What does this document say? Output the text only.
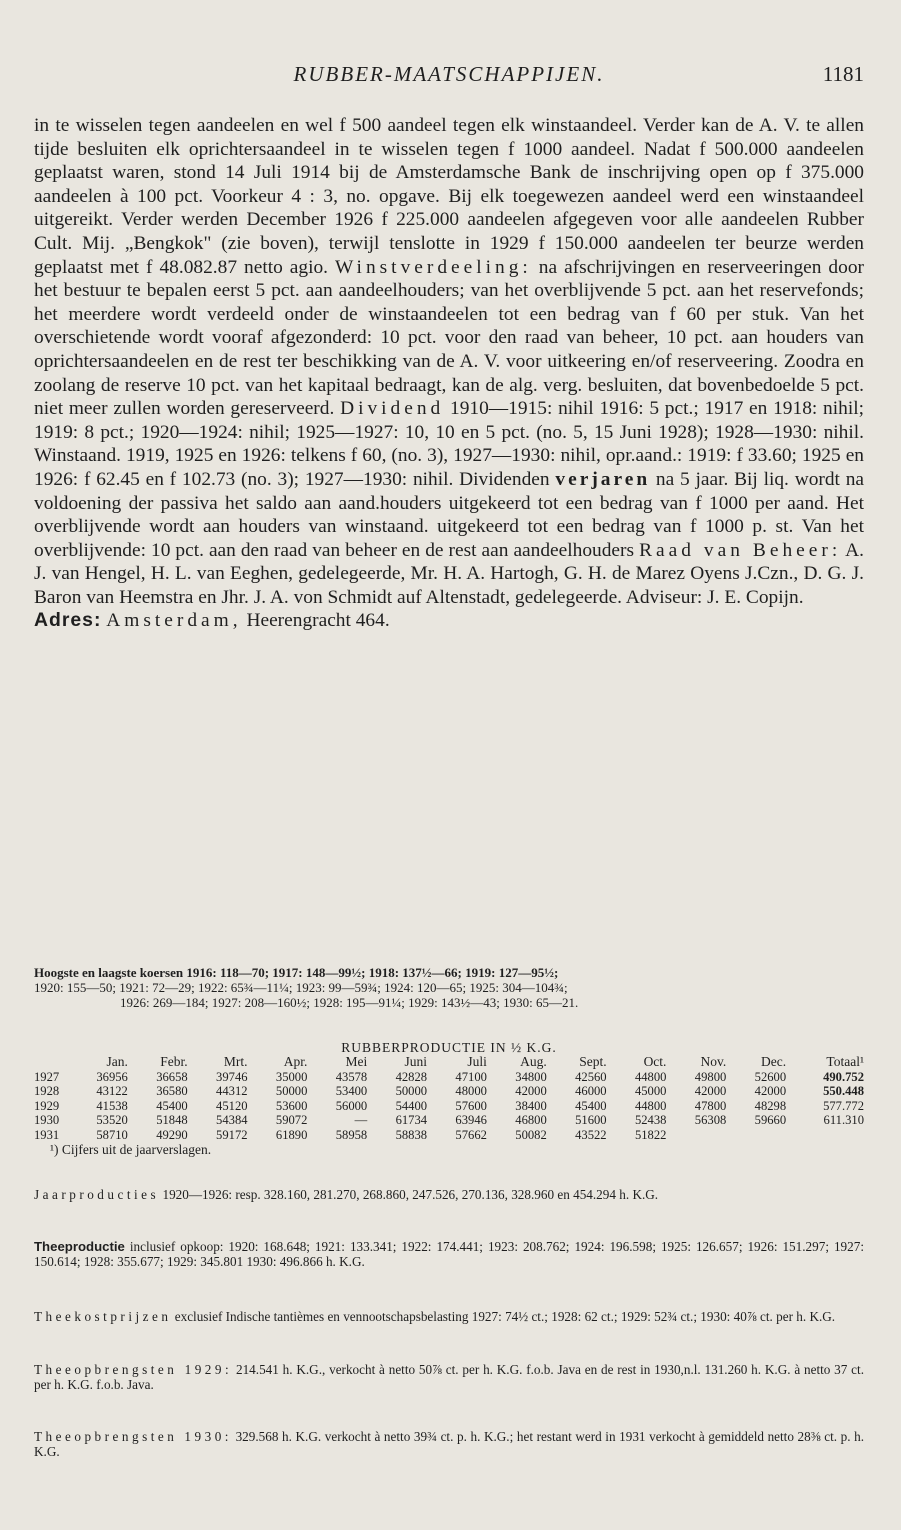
RUBBER-MAATSCHAPPIJEN.	1181

in te wisselen tegen aandeelen en wel f 500 aandeel tegen elk winstaandeel. Verder kan de A. V. te allen tijde besluiten elk oprichtersaandeel in te wisselen tegen f 1000 aandeel. Nadat f 500.000 aandeelen geplaatst waren, stond 14 Juli 1914 bij de Amsterdamsche Bank de inschrijving open op f 375.000 aandeelen à 100 pct. Voorkeur 4 : 3, no. opgave. Bij elk toegewezen aandeel werd een winstaandeel uitgereikt. Verder werden December 1926 f 225.000 aandeelen afgegeven voor alle aandeelen Rubber Cult. Mij. „Bengkok" (zie boven), terwijl tenslotte in 1929 f 150.000 aandeelen ter beurze werden geplaatst met f 48.082.87 netto agio. Winstverdeeling: na afschrijvingen en reserveeringen door het bestuur te bepalen eerst 5 pct. aan aandeelhouders; van het overblijvende 5 pct. aan het reservefonds; het meerdere wordt verdeeld onder de winstaandeelen tot een bedrag van f 60 per stuk. Van het overschietende wordt vooraf afgezonderd: 10 pct. voor den raad van beheer, 10 pct. aan houders van oprichtersaandeelen en de rest ter beschikking van de A. V. voor uitkeering en/of reserveering. Zoodra en zoolang de reserve 10 pct. van het kapitaal bedraagt, kan de alg. verg. besluiten, dat bovenbedoelde 5 pct. niet meer zullen worden gereserveerd. Dividend 1910—1915: nihil 1916: 5 pct.; 1917 en 1918: nihil; 1919: 8 pct.; 1920—1924: nihil; 1925—1927: 10, 10 en 5 pct. (no. 5, 15 Juni 1928); 1928—1930: nihil. Winstaand. 1919, 1925 en 1926: telkens f 60, (no. 3), 1927—1930: nihil, opr.aand.: 1919: f 33.60; 1925 en 1926: f 62.45 en f 102.73 (no. 3); 1927—1930: nihil. Dividenden verjaren na 5 jaar. Bij liq. wordt na voldoening der passiva het saldo aan aand.houders uitgekeerd tot een bedrag van f 1000 per aand. Het overblijvende wordt aan houders van winstaand. uitgekeerd tot een bedrag van f 1000 p. st. Van het overblijvende: 10 pct. aan den raad van beheer en de rest aan aandeelhouders Raad van Beheer: A. J. van Hengel, H. L. van Eeghen, gedelegeerde, Mr. H. A. Hartogh, G. H. de Marez Oyens J.Czn., D. G. J. Baron van Heemstra en Jhr. J. A. von Schmidt auf Altenstadt, gedelegeerde. Adviseur: J. E. Copijn.
Adres: Amsterdam, Heerengracht 464.

Hoogste en laagste koersen 1916: 118—70; 1917: 148—99½; 1918: 137½—66; 1919: 127—95½;
1920: 155—50; 1921: 72—29; 1922: 65¾—11¼; 1923: 99—59¾; 1924: 120—65; 1925: 304—104¾;
1926: 269—184; 1927: 208—160½; 1928: 195—91¼; 1929: 143½—43; 1930: 65—21.
RUBBERPRODUCTIE IN ½ K.G.
	Jan.	Febr.	Mrt.	Apr.	Mei	Juni	Juli	Aug.	Sept.	Oct.	Nov.	Dec.	Totaal¹
1927	36956	36658	39746	35000	43578	42828	47100	34800	42560	44800	49800	52600	490.752
1928	43122	36580	44312	50000	53400	50000	48000	42000	46000	45000	42000	42000	550.448
1929	41538	45400	45120	53600	56000	54400	57600	38400	45400	44800	47800	48298	577.772
1930	53520	51848	54384	59072	—	61734	63946	46800	51600	52438	56308	59660	611.310
1931	58710	49290	59172	61890	58958	58838	57662	50082	43522	51822			
¹) Cijfers uit de jaarverslagen.

Jaarproducties 1920—1926: resp. 328.160, 281.270, 268.860, 247.526, 270.136, 328.960 en 454.294 h. K.G.

Theeproductie inclusief opkoop: 1920: 168.648; 1921: 133.341; 1922: 174.441; 1923: 208.762; 1924: 196.598; 1925: 126.657; 1926: 151.297; 1927: 150.614; 1928: 355.677; 1929: 345.801 1930: 496.866 h. K.G.

Theekostprijzen exclusief Indische tantièmes en vennootschapsbelasting 1927: 74½ ct.; 1928: 62 ct.; 1929: 52¾ ct.; 1930: 40⅞ ct. per h. K.G.

Theeopbrengsten 1929: 214.541 h. K.G., verkocht à netto 50⅞ ct. per h. K.G. f.o.b. Java en de rest in 1930,n.l. 131.260 h. K.G. à netto 37 ct. per h. K.G. f.o.b. Java.

Theeopbrengsten 1930: 329.568 h. K.G. verkocht à netto 39¾ ct. p. h. K.G.; het restant werd in 1931 verkocht à gemiddeld netto 28⅜ ct. p. h. K.G.
